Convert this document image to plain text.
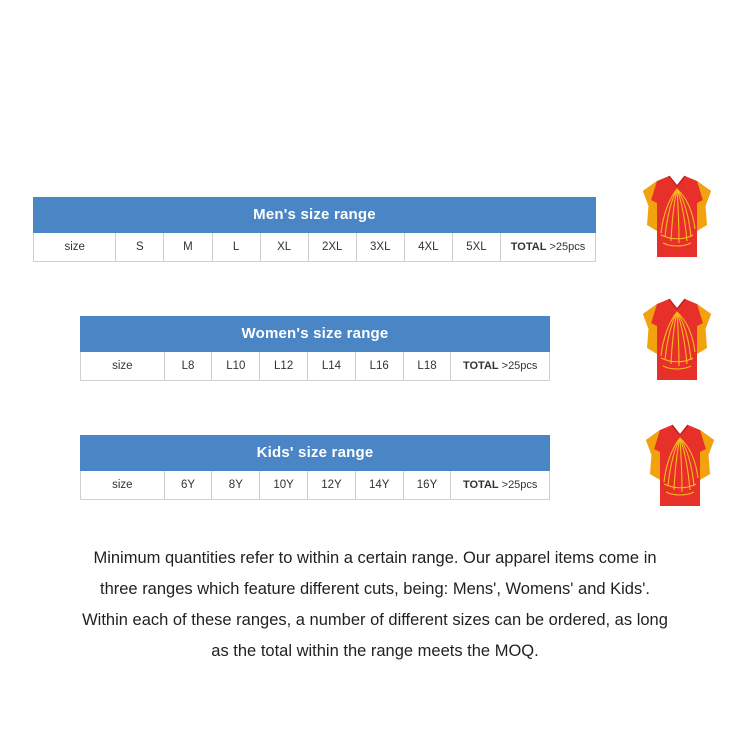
Men's size range
size	S	M	L	XL	2XL	3XL	4XL	5XL	TOTAL >25pcs
Women's size range
size	L8	L10	L12	L14	L16	L18	TOTAL >25pcs
Kids' size range
size	6Y	8Y	10Y	12Y	14Y	16Y	TOTAL >25pcs
Minimum quantities refer to within a certain range. Our apparel items come in three ranges which feature different cuts, being: Mens', Womens' and Kids'. Within each of these ranges, a number of different sizes can be ordered, as long as the total within the range meets the MOQ.
